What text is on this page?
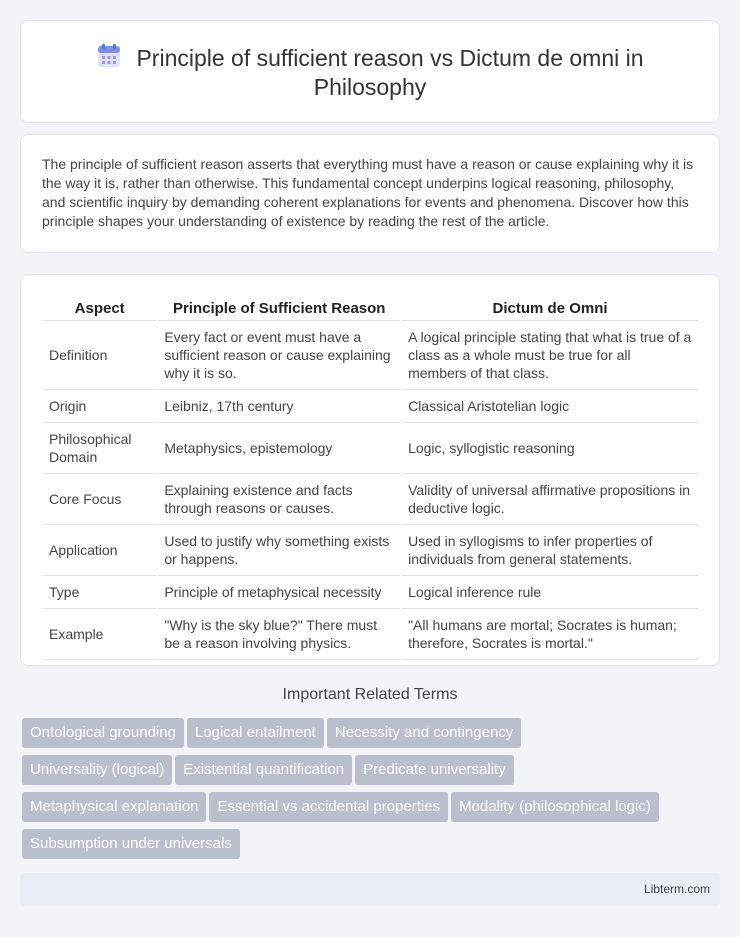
Principle of sufficient reason vs Dictum de omni in Philosophy

The principle of sufficient reason asserts that everything must have a reason or cause explaining why it is the way it is, rather than otherwise. This fundamental concept underpins logical reasoning, philosophy, and scientific inquiry by demanding coherent explanations for events and phenomena. Discover how this principle shapes your understanding of existence by reading the rest of the article.

Aspect	Principle of Sufficient Reason	Dictum de Omni
Definition	Every fact or event must have a sufficient reason or cause explaining why it is so.	A logical principle stating that what is true of a class as a whole must be true for all members of that class.
Origin	Leibniz, 17th century	Classical Aristotelian logic
Philosophical Domain	Metaphysics, epistemology	Logic, syllogistic reasoning
Core Focus	Explaining existence and facts through reasons or causes.	Validity of universal affirmative propositions in deductive logic.
Application	Used to justify why something exists or happens.	Used in syllogisms to infer properties of individuals from general statements.
Type	Principle of metaphysical necessity	Logical inference rule
Example	"Why is the sky blue?" There must be a reason involving physics.	"All humans are mortal; Socrates is human; therefore, Socrates is mortal."
Important Related Terms
Ontological grounding Logical entailment Necessity and contingency
Universality (logical) Existential quantification Predicate universality
Metaphysical explanation Essential vs accidental properties Modality (philosophical logic)
Subsumption under universals
Libterm.com
